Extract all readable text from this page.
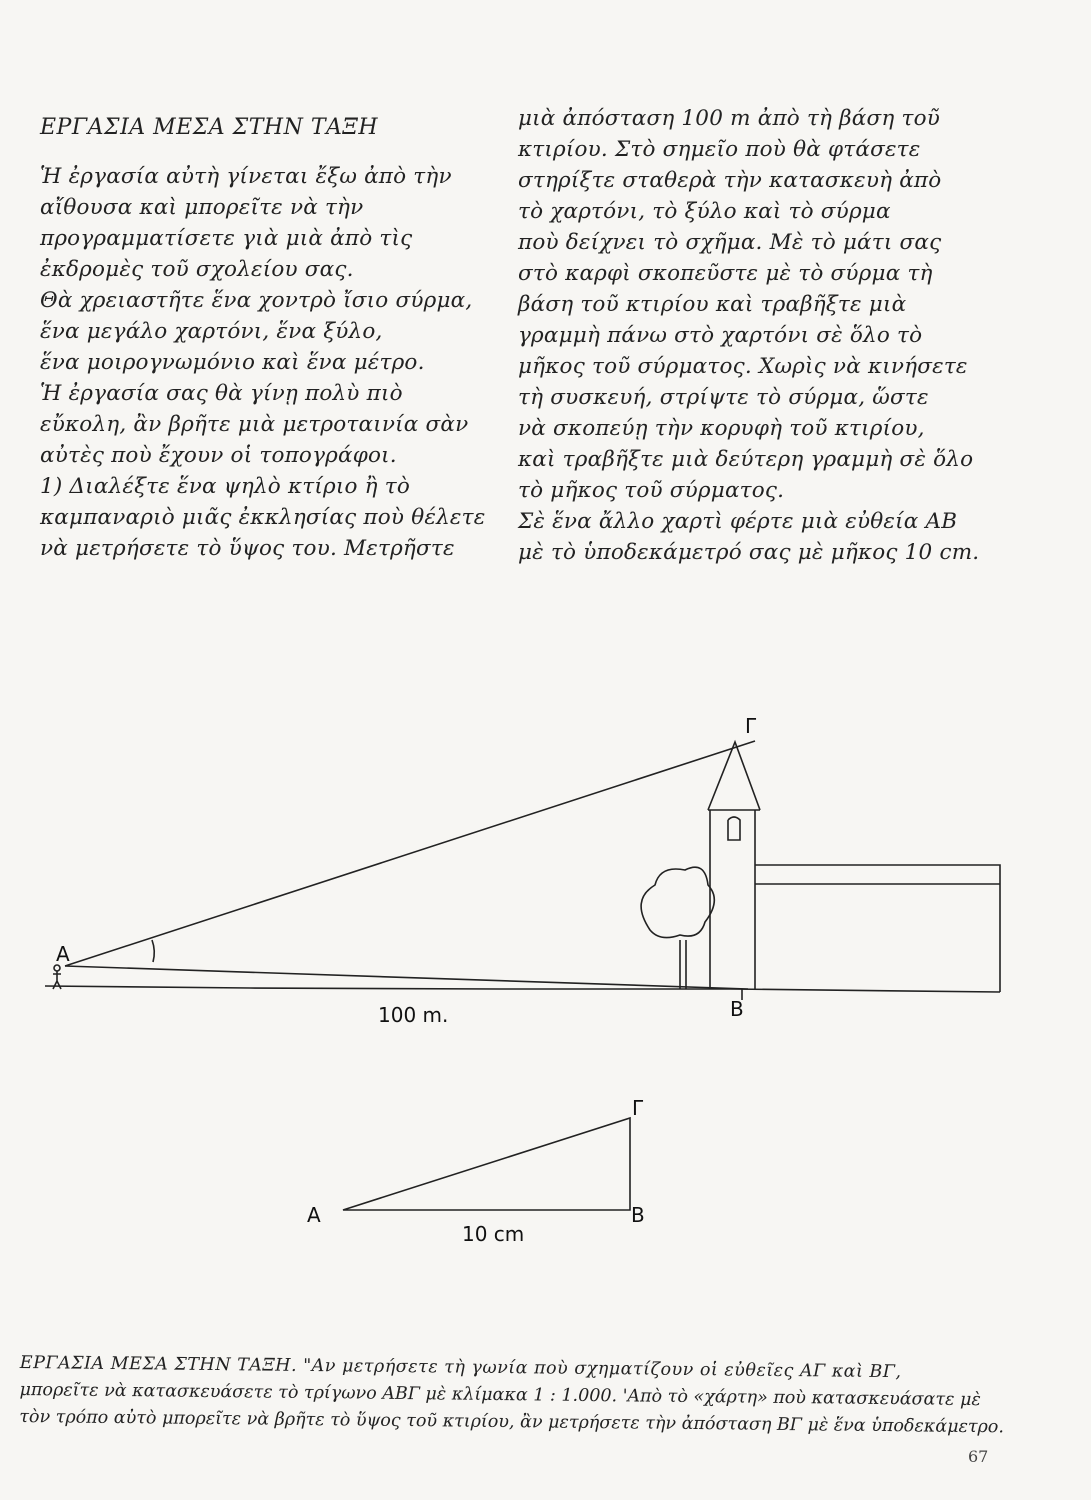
ΕΡΓΑΣΙΑ ΜΕΣΑ ΣΤΗΝ ΤΑΞΗ

Ἡ ἐργασία αὐτὴ γίνεται ἔξω ἀπὸ τὴν

αἴθουσα καὶ μπορεῖτε νὰ τὴν

προγραμματίσετε γιὰ μιὰ ἀπὸ τὶς

ἐκδρομὲς τοῦ σχολείου σας.

Θὰ χρειαστῆτε ἕνα χοντρὸ ἴσιο σύρμα,

ἕνα μεγάλο χαρτόνι, ἕνα ξύλο,

ἕνα μοιρογνωμόνιο καὶ ἕνα μέτρο.

Ἡ ἐργασία σας θὰ γίνῃ πολὺ πιὸ

εὔκολη, ἂν βρῆτε μιὰ μετροταινία σὰν

αὐτὲς ποὺ ἔχουν οἱ τοπογράφοι.

1) Διαλέξτε ἕνα ψηλὸ κτίριο ἢ τὸ

καμπαναριὸ μιᾶς ἐκκλησίας ποὺ θέλετε

νὰ μετρήσετε τὸ ὕψος του. Μετρῆστε

μιὰ ἀπόσταση 100 m ἀπὸ τὴ βάση τοῦ

κτιρίου. Στὸ σημεῖο ποὺ θὰ φτάσετε

στηρίξτε σταθερὰ τὴν κατασκευὴ ἀπὸ

τὸ χαρτόνι, τὸ ξύλο καὶ τὸ σύρμα

ποὺ δείχνει τὸ σχῆμα. Μὲ τὸ μάτι σας

στὸ καρφὶ σκοπεῦστε μὲ τὸ σύρμα τὴ

βάση τοῦ κτιρίου καὶ τραβῆξτε μιὰ

γραμμὴ πάνω στὸ χαρτόνι σὲ ὅλο τὸ

μῆκος τοῦ σύρματος. Χωρὶς νὰ κινήσετε

τὴ συσκευή, στρίψτε τὸ σύρμα, ὥστε

νὰ σκοπεύῃ τὴν κορυφὴ τοῦ κτιρίου,

καὶ τραβῆξτε μιὰ δεύτερη γραμμὴ σὲ ὅλο

τὸ μῆκος τοῦ σύρματος.

Σὲ ἕνα ἄλλο χαρτὶ φέρτε μιὰ εὐθεία ΑΒ

μὲ τὸ ὑποδεκάμετρό σας μὲ μῆκος 10 cm.

Γ
A
B
100 m.
Γ
A	B
10 cm

ΕΡΓΑΣΙΑ ΜΕΣΑ ΣΤΗΝ ΤΑΞΗ. "Αν μετρήσετε τὴ γωνία ποὺ σχηματίζουν οἱ εὐθεῖες ΑΓ καὶ ΒΓ,

μπορεῖτε νὰ κατασκευάσετε τὸ τρίγωνο ΑΒΓ μὲ κλίμακα 1 : 1.000. 'Απὸ τὸ «χάρτη» ποὺ κατασκευάσατε μὲ

τὸν τρόπο αὐτὸ μπορεῖτε νὰ βρῆτε τὸ ὕψος τοῦ κτιρίου, ἂν μετρήσετε τὴν ἀπόσταση ΒΓ μὲ ἕνα ὑποδεκάμετρο.

67
